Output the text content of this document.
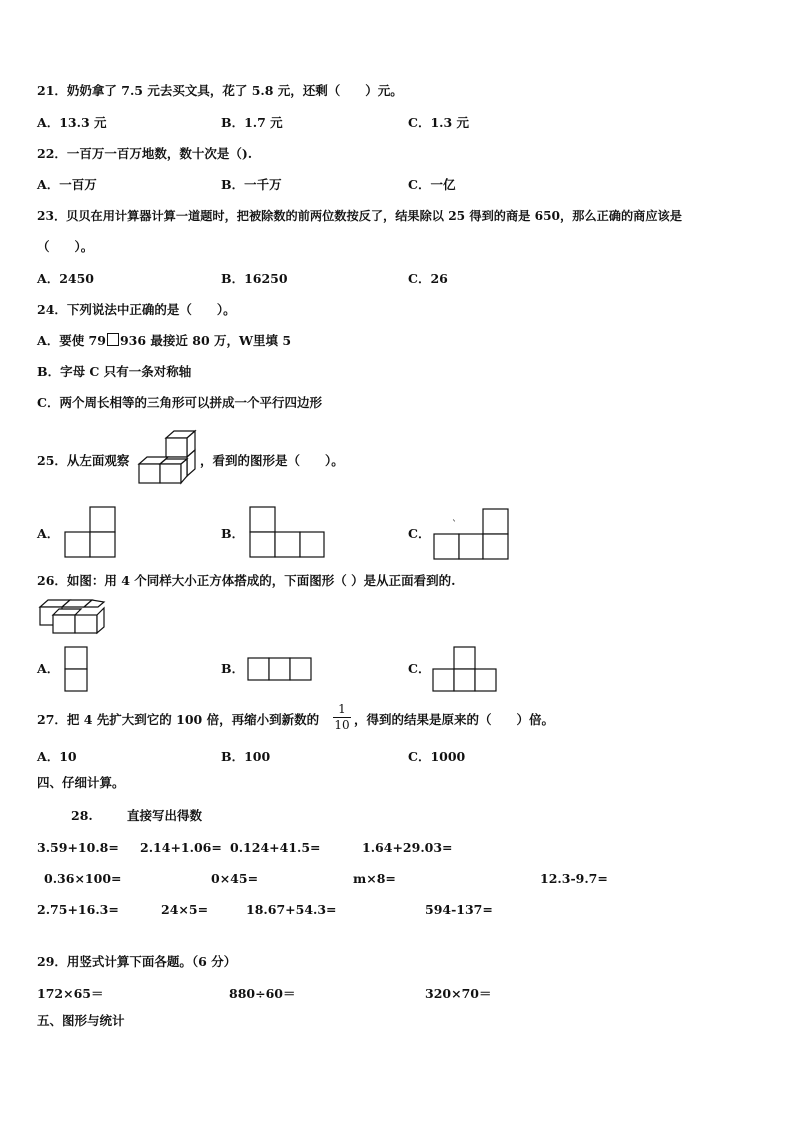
21．奶奶拿了 7.5 元去买文具，花了 5.8 元，还剩（　　）元。
A．13.3 元	B．1.7 元	C．1.3 元
22．一百万一百万地数，数十次是（).
A．一百万	B．一千万	C．一亿
23．贝贝在用计算器计算一道题时，把被除数的前两位数按反了，结果除以 25 得到的商是 650，那么正确的商应该是
（　　）。
A．2450	B．16250	C．26
24．下列说法中正确的是（　　）。
A．要使 79 936 最接近 80 万，W里填 5
B．字母 C 只有一条对称轴
C．两个周长相等的三角形可以拼成一个平行四边形
25．从左面观察	，看到的图形是（　　）。
A．	B．	C．
`
26．如图：用 4 个同样大小正方体搭成的，下面图形（ ）是从正面看到的.
A．	B．	C．
27．把 4 先扩大到它的 100 倍，再缩小到新数的
1
10 ，得到的结果是原来的（　　）倍。
A．10	B．100	C．1000
四、仔细计算。
28.	直接写出得数
3.59+10.8= 2.14+1.06= 0.124+41.5=	1.64+29.03=
0.36×100=	0×45=	m×8=	12.3-9.7=
2.75+16.3=	24×5=	18.67+54.3=	594-137=
29．用竖式计算下面各题。（6 分）
172×65＝	880÷60＝	320×70＝
五、图形与统计
